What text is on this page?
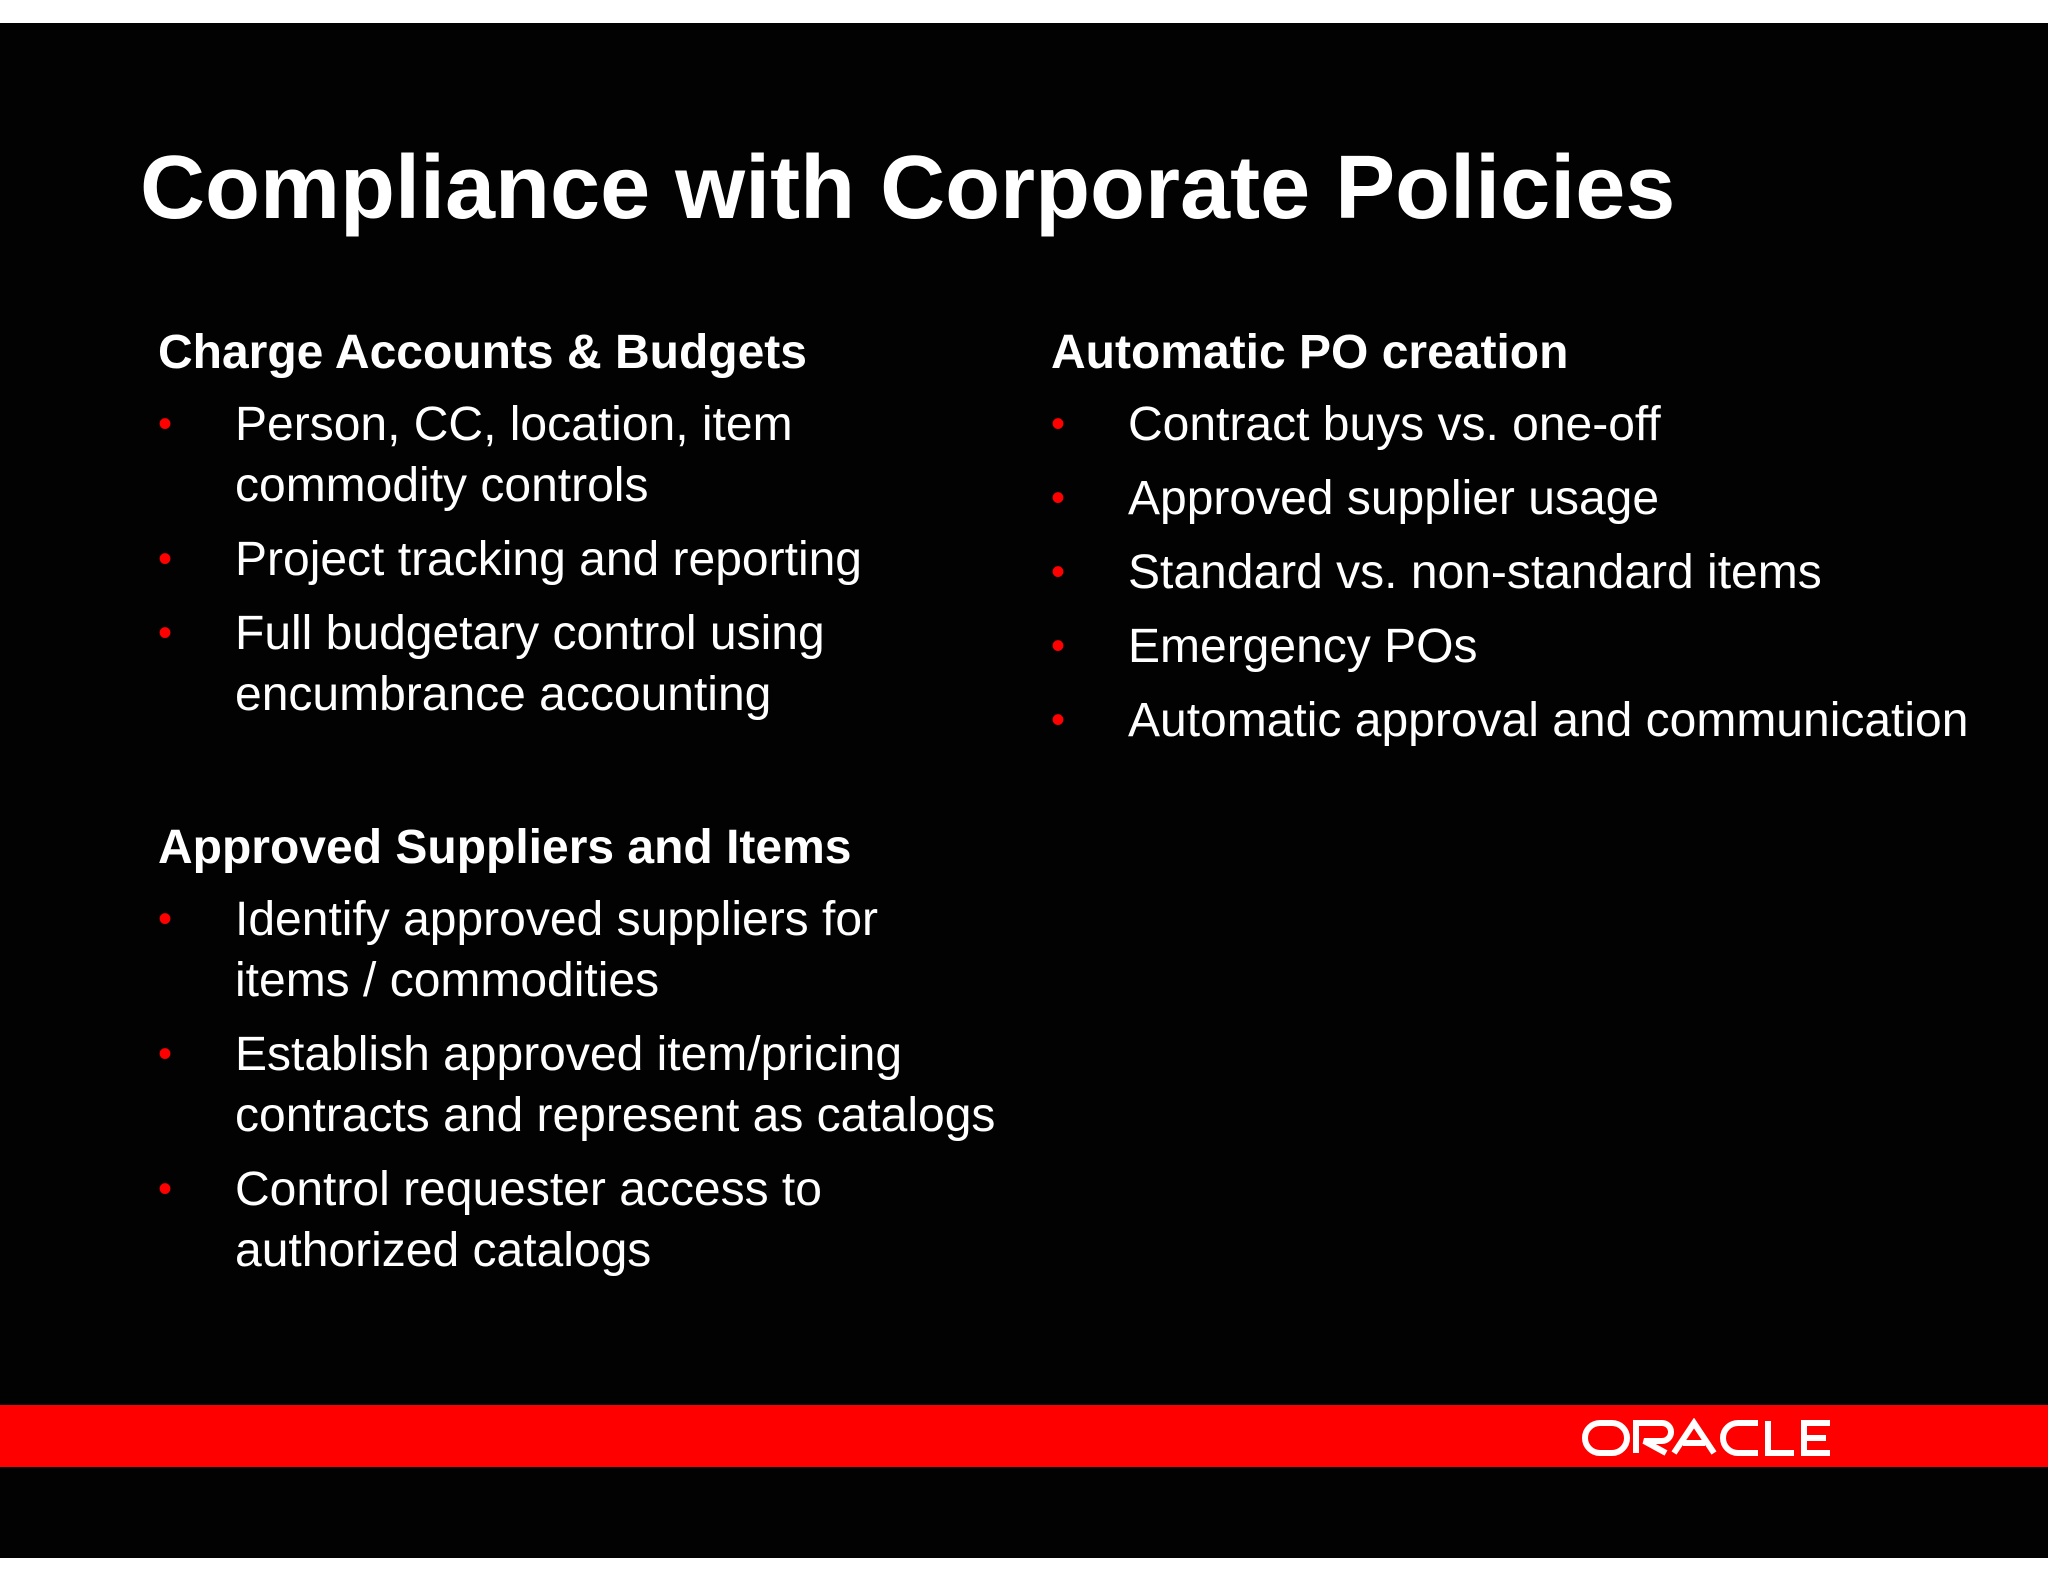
Compliance with Corporate Policies
Charge Accounts & Budgets
• Person, CC, location, item
commodity controls
• Project tracking and reporting
• Full budgetary control using
encumbrance accounting
Approved Suppliers and Items
• Identify approved suppliers for
items / commodities
• Establish approved item/pricing
contracts and represent as catalogs
• Control requester access to
authorized catalogs
Automatic PO creation
• Contract buys vs. one-off
• Approved supplier usage
• Standard vs. non-standard items
• Emergency POs
• Automatic approval and communication
